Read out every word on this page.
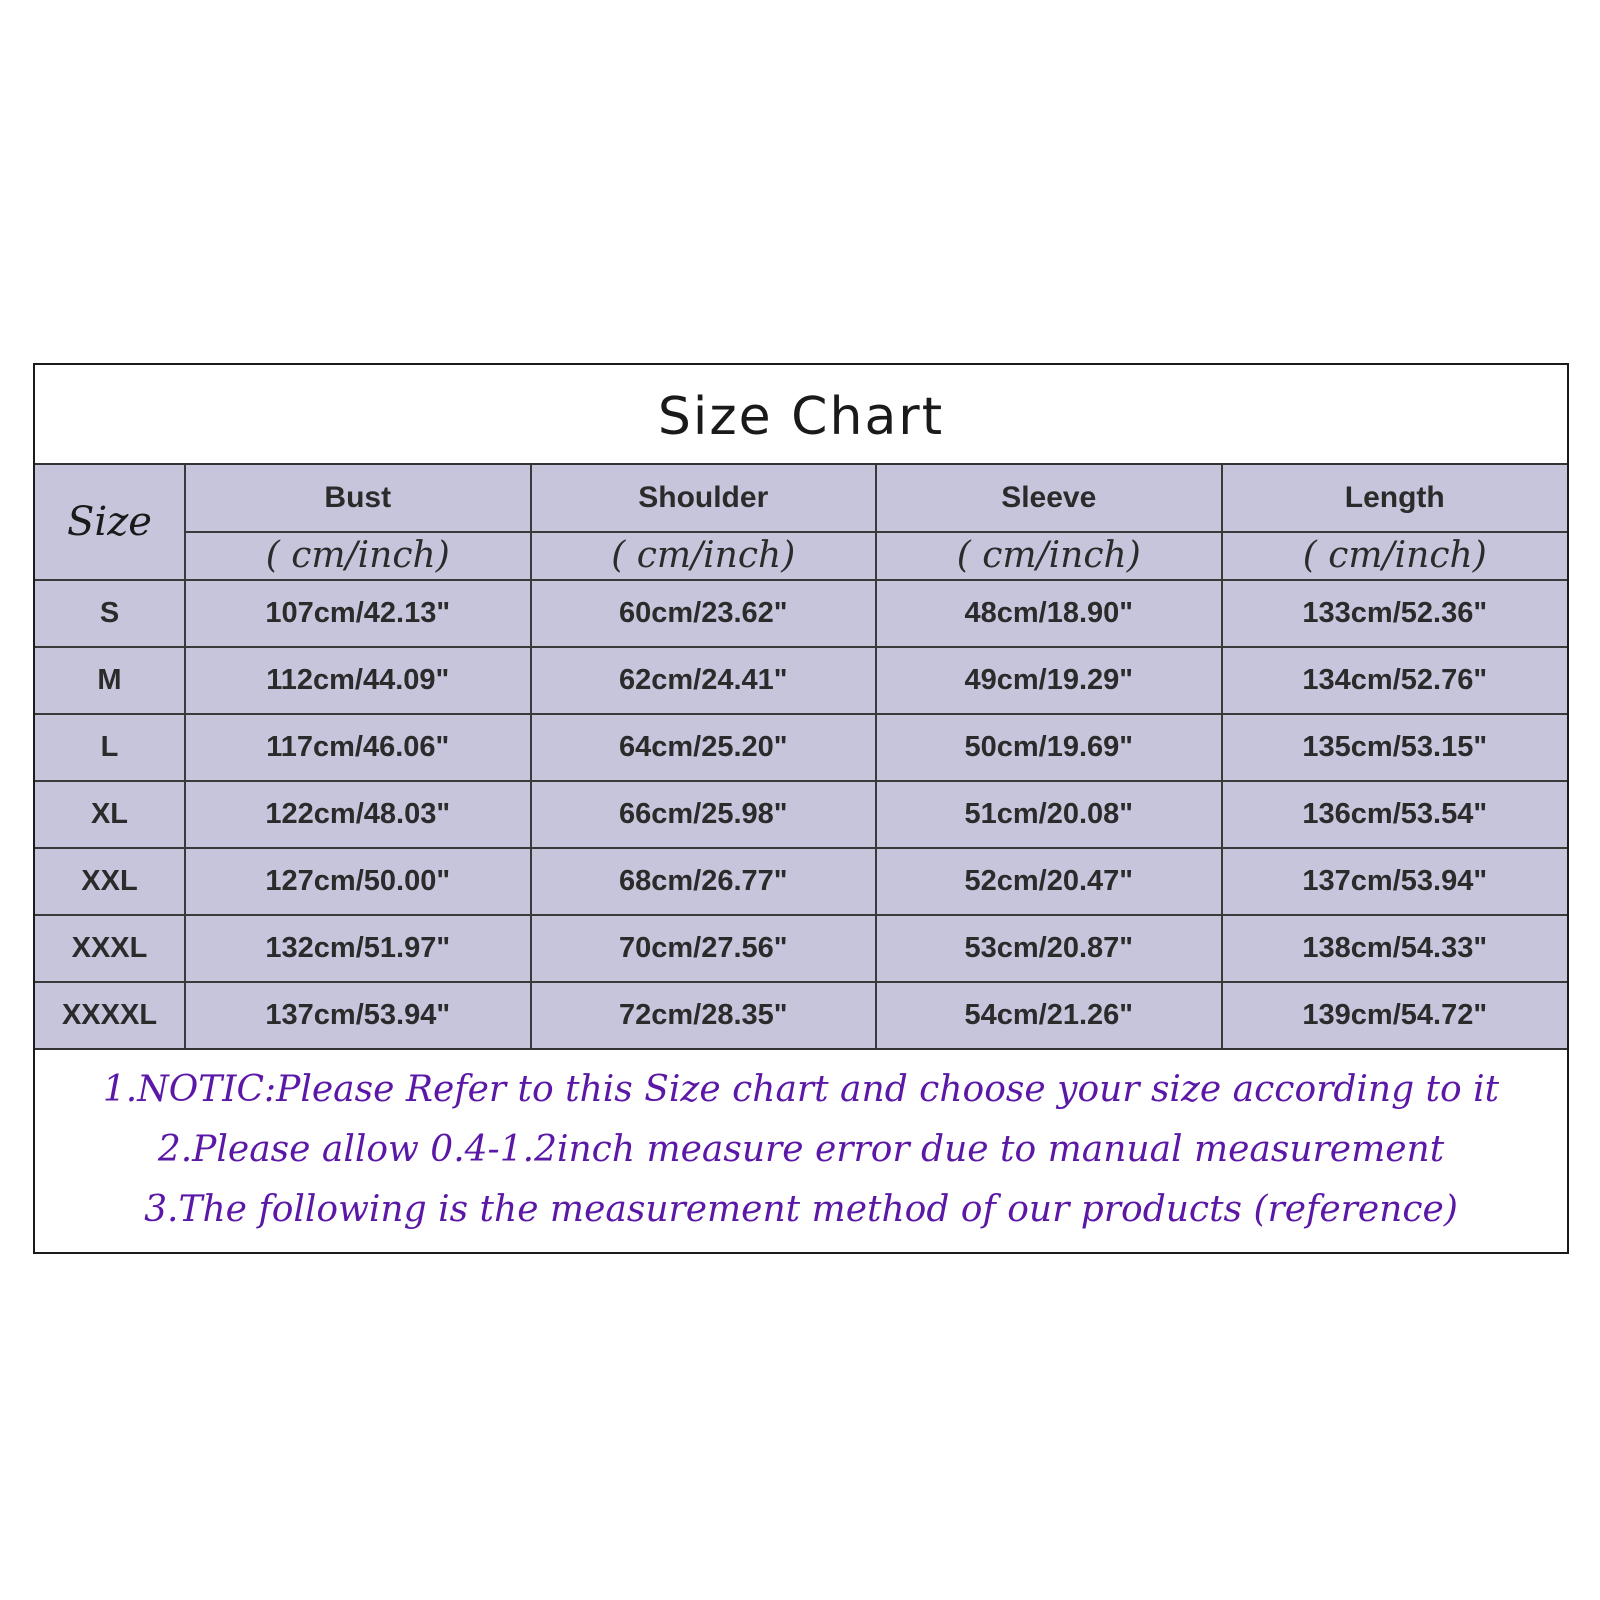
Size Chart
Size	Bust	Shoulder	Sleeve	Length
	( cm/inch)	( cm/inch)	( cm/inch)	( cm/inch)
S	107cm/42.13"	60cm/23.62"	48cm/18.90"	133cm/52.36"
M	112cm/44.09"	62cm/24.41"	49cm/19.29"	134cm/52.76"
L	117cm/46.06"	64cm/25.20"	50cm/19.69"	135cm/53.15"
XL	122cm/48.03"	66cm/25.98"	51cm/20.08"	136cm/53.54"
XXL	127cm/50.00"	68cm/26.77"	52cm/20.47"	137cm/53.94"
XXXL	132cm/51.97"	70cm/27.56"	53cm/20.87"	138cm/54.33"
XXXXL	137cm/53.94"	72cm/28.35"	54cm/21.26"	139cm/54.72"
1.NOTIC:Please Refer to this Size chart and choose your size according to it
2.Please allow 0.4-1.2inch measure error due to manual measurement
3.The following is the measurement method of our products (reference)
